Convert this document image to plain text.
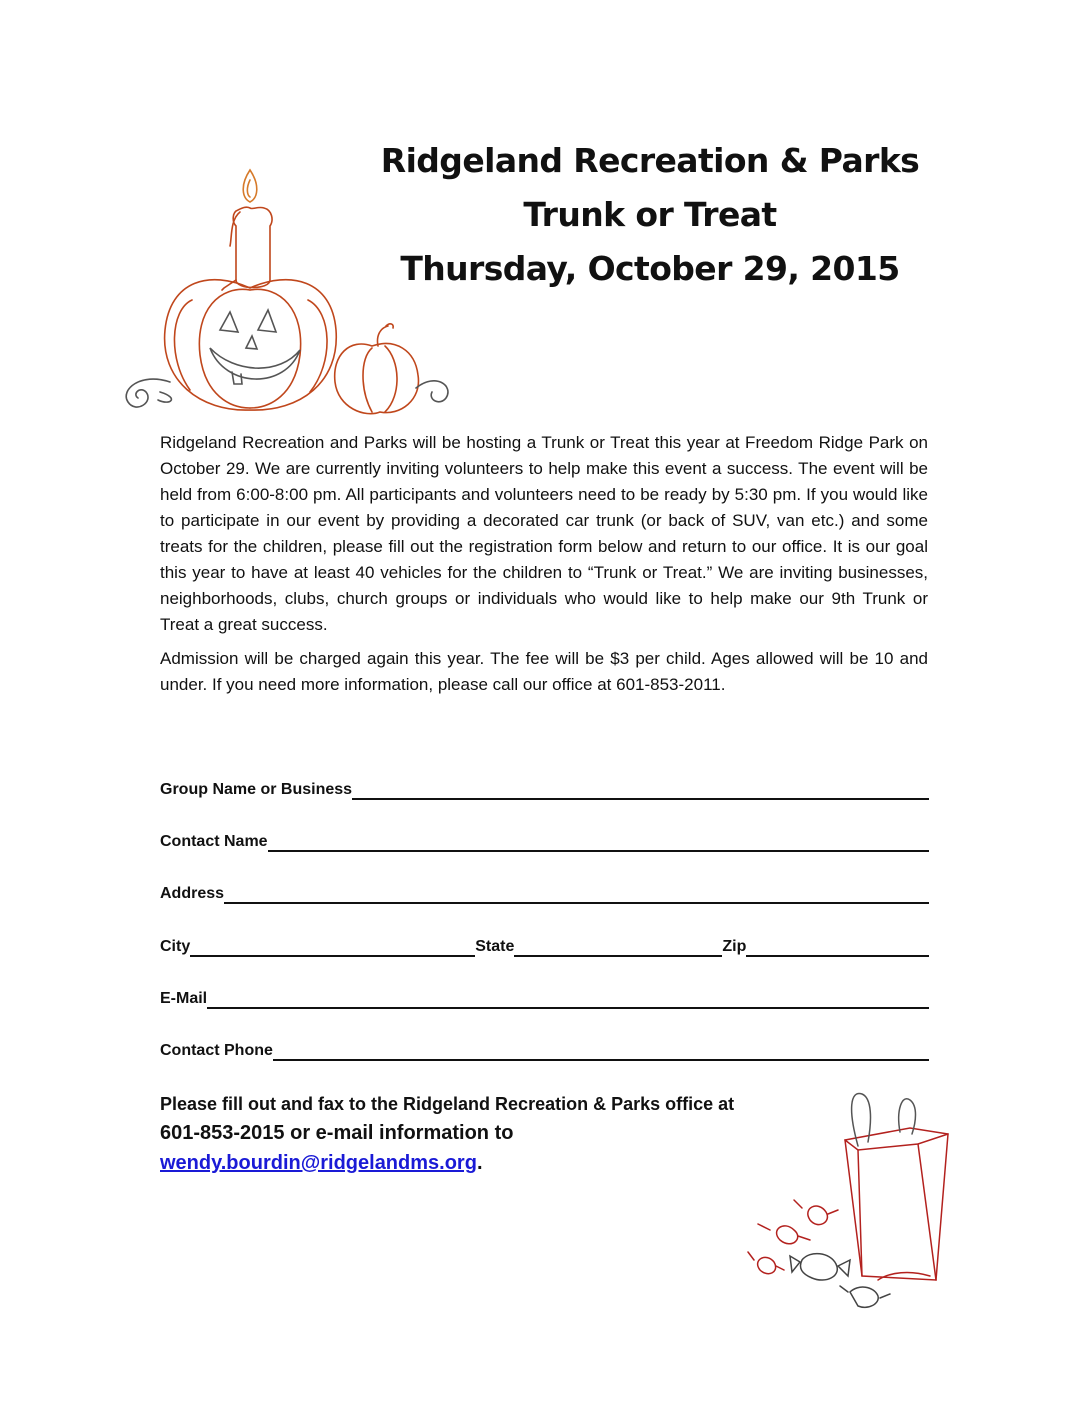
Ridgeland Recreation & Parks
Trunk or Treat
Thursday, October 29, 2015

Ridgeland Recreation and Parks will be hosting a Trunk or Treat this year at Freedom Ridge Park on October 29. We are currently inviting volunteers to help make this event a success. The event will be held from 6:00-8:00 pm. All participants and volunteers need to be ready by 5:30 pm. If you would like to participate in our event by providing a decorated car trunk (or back of SUV, van etc.) and some treats for the children, please fill out the registration form below and return to our office. It is our goal this year to have at least 40 vehicles for the children to “Trunk or Treat.” We are inviting businesses, neighborhoods, clubs, church groups or individuals who would like to help make our 9th Trunk or Treat a great success.

Admission will be charged again this year. The fee will be $3 per child. Ages allowed will be 10 and under. If you need more information, please call our office at 601-853-2011.

Group Name or Business
Contact Name
Address
City	State	Zip
E-Mail
Contact Phone
Please fill out and fax to the Ridgeland Recreation & Parks office at
601-853-2015 or e-mail information to
wendy.bourdin@ridgelandms.org.
